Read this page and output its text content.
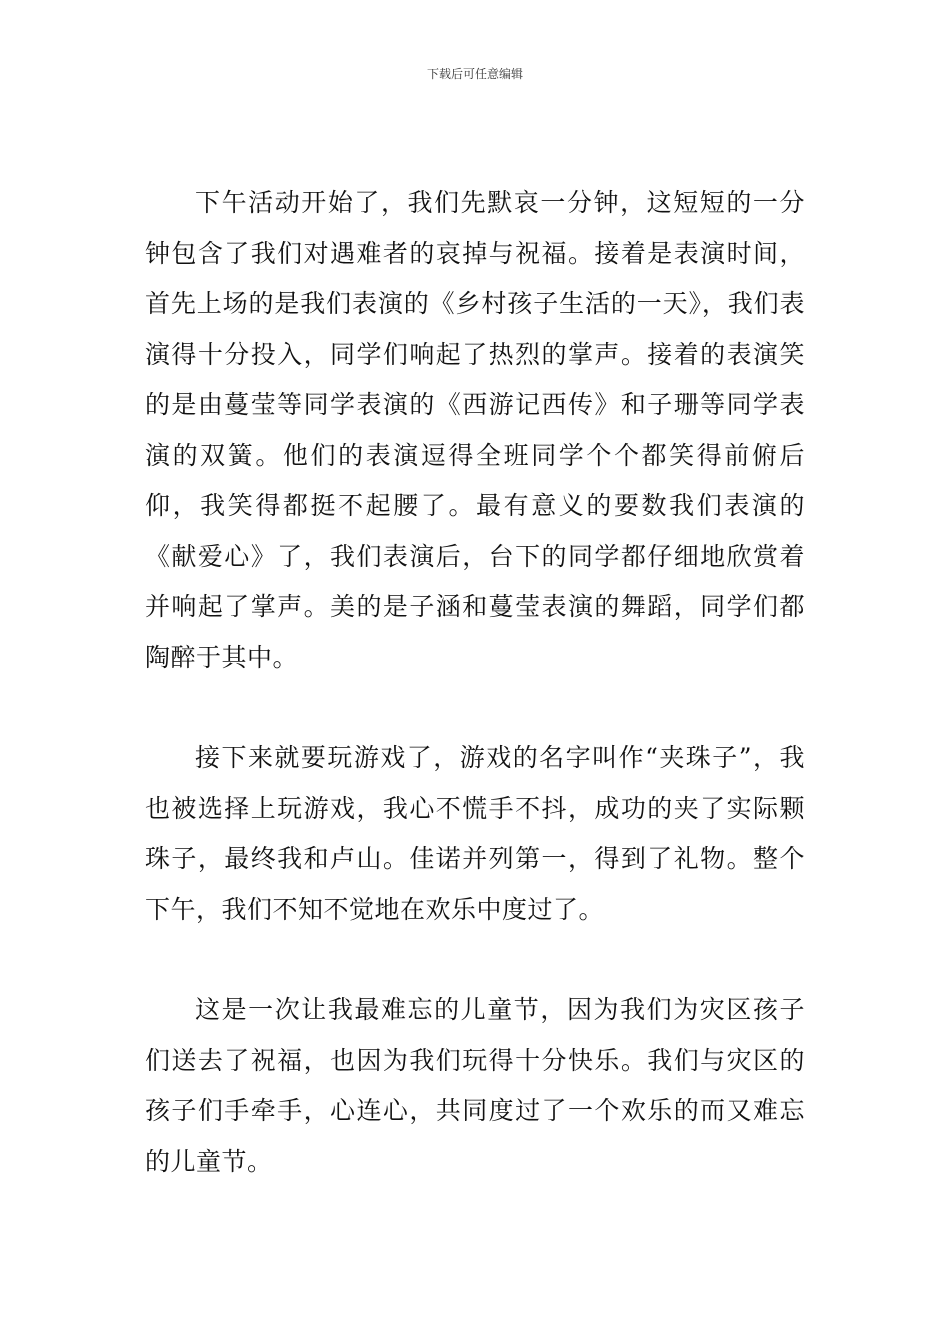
下载后可任意编辑

下午活动开始了，我们先默哀一分钟，这短短的一分钟包含了我们对遇难者的哀掉与祝福。接着是表演时间，首先上场的是我们表演的《乡村孩子生活的一天》，我们表演得十分投入，同学们响起了热烈的掌声。接着的表演笑的是由蔓莹等同学表演的《西游记西传》和子珊等同学表演的双簧。他们的表演逗得全班同学个个都笑得前俯后仰，我笑得都挺不起腰了。最有意义的要数我们表演的《献爱心》了，我们表演后，台下的同学都仔细地欣赏着并响起了掌声。美的是子涵和蔓莹表演的舞蹈，同学们都陶醉于其中。

接下来就要玩游戏了，游戏的名字叫作“夹珠子”，我也被选择上玩游戏，我心不慌手不抖，成功的夹了实际颗珠子，最终我和卢山。佳诺并列第一，得到了礼物。整个下午，我们不知不觉地在欢乐中度过了。

这是一次让我最难忘的儿童节，因为我们为灾区孩子们送去了祝福，也因为我们玩得十分快乐。我们与灾区的孩子们手牵手，心连心，共同度过了一个欢乐的而又难忘的儿童节。
